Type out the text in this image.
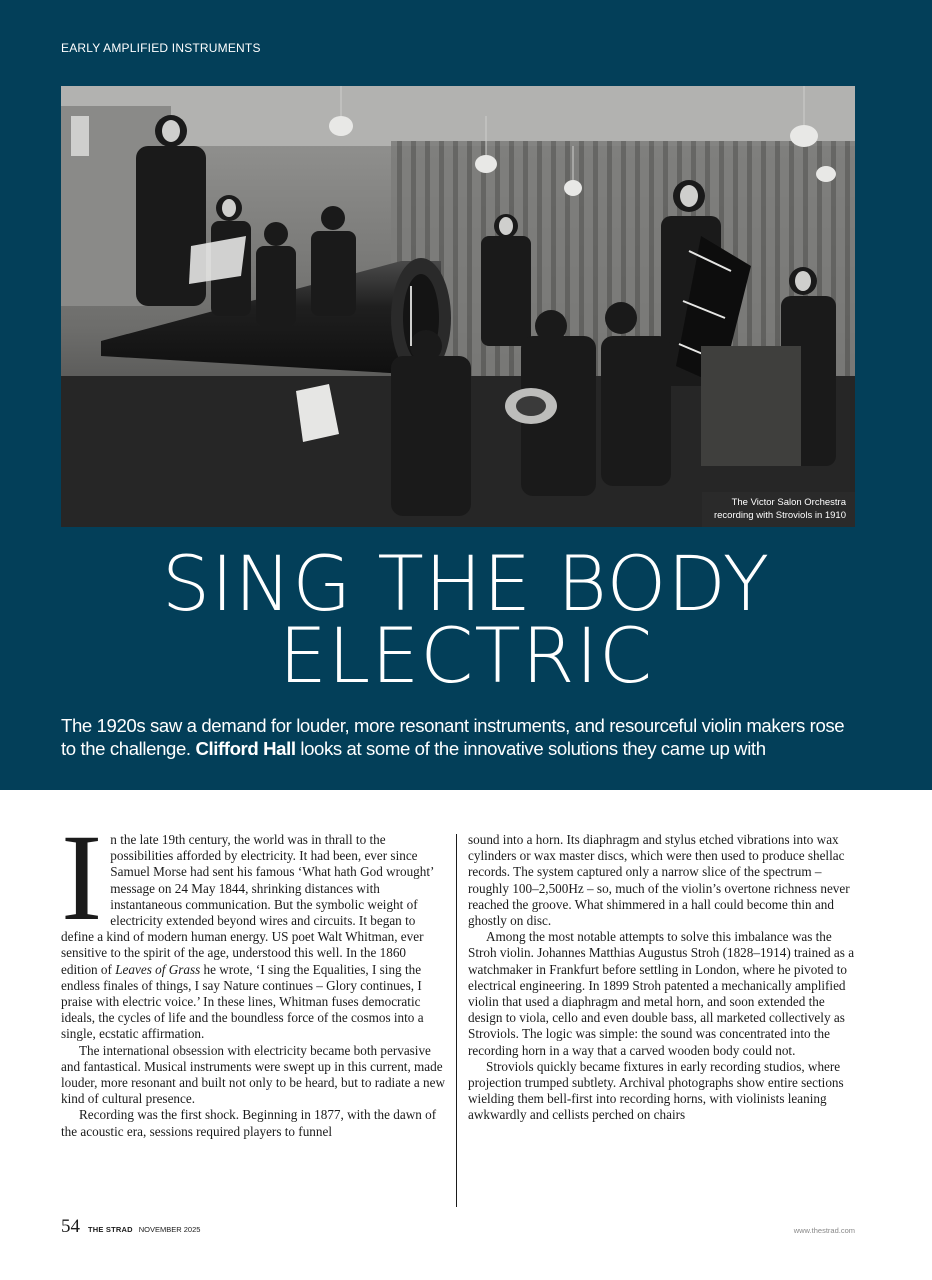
EARLY AMPLIFIED INSTRUMENTS
The Victor Salon Orchestra
recording with Stroviols in 1910
SING THE BODY
ELECTRIC
The 1920s saw a demand for louder, more resonant instruments, and resourceful violin makers rose to the challenge. Clifford Hall looks at some of the innovative solutions they came up with

In the late 19th century, the world was in thrall to the possibilities afforded by electricity. It had been, ever since Samuel Morse had sent his famous ‘What hath God wrought’ message on 24 May 1844, shrinking distances with instantaneous communication. But the symbolic weight of electricity extended beyond wires and circuits. It began to define a kind of modern human energy. US poet Walt Whitman, ever sensitive to the spirit of the age, understood this well. In the 1860 edition of Leaves of Grass he wrote, ‘I sing the Equalities, I sing the endless finales of things, I say Nature continues – Glory continues, I praise with electric voice.’ In these lines, Whitman fuses democratic ideals, the cycles of life and the boundless force of the cosmos into a single, ecstatic affirmation.

The international obsession with electricity became both pervasive and fantastical. Musical instruments were swept up in this current, made louder, more resonant and built not only to be heard, but to radiate a new kind of cultural presence.

Recording was the first shock. Beginning in 1877, with the dawn of the acoustic era, sessions required players to funnel

sound into a horn. Its diaphragm and stylus etched vibrations into wax cylinders or wax master discs, which were then used to produce shellac records. The system captured only a narrow slice of the spectrum – roughly 100–2,500Hz – so, much of the violin’s overtone richness never reached the groove. What shimmered in a hall could become thin and ghostly on disc.

Among the most notable attempts to solve this imbalance was the Stroh violin. Johannes Matthias Augustus Stroh (1828–1914) trained as a watchmaker in Frankfurt before settling in London, where he pivoted to electrical engineering. In 1899 Stroh patented a mechanically amplified violin that used a diaphragm and metal horn, and soon extended the design to viola, cello and even double bass, all marketed collectively as Stroviols. The logic was simple: the sound was concentrated into the recording horn in a way that a carved wooden body could not.

Stroviols quickly became fixtures in early recording studios, where projection trumped subtlety. Archival photographs show entire sections wielding them bell-first into recording horns, with violinists leaning awkwardly and cellists perched on chairs

54 THE STRAD NOVEMBER 2025	www.thestrad.com
